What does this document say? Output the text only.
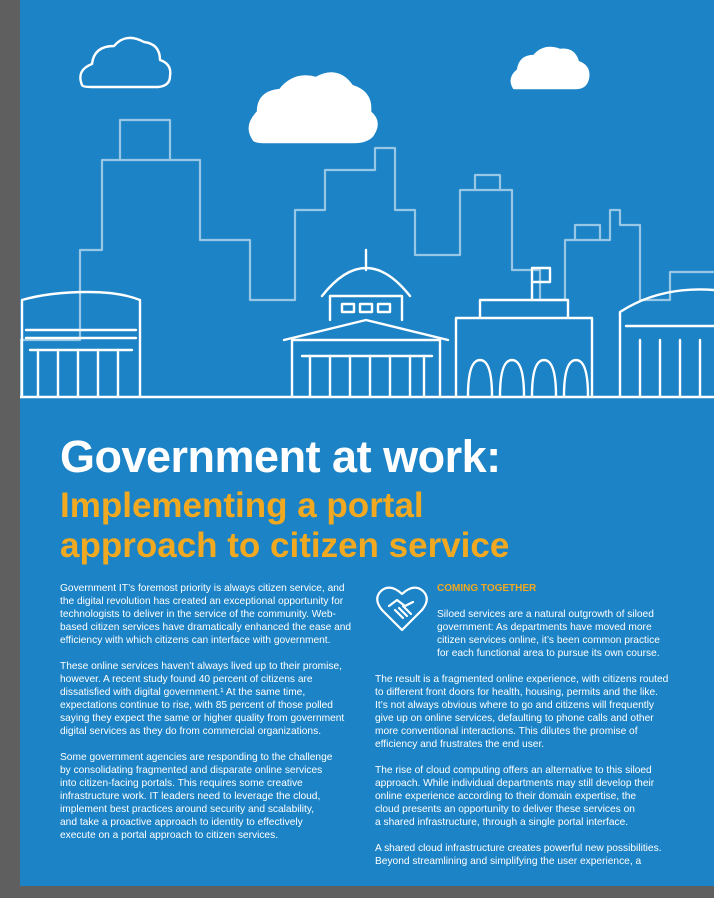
Government at work:
Implementing a portal
approach to citizen service

Government IT’s foremost priority is always citizen service, and
the digital revolution has created an exceptional opportunity for
technologists to deliver in the service of the community. Web-
based citizen services have dramatically enhanced the ease and
efficiency with which citizens can interface with government.

These online services haven’t always lived up to their promise,
however. A recent study found 40 percent of citizens are
dissatisfied with digital government.¹ At the same time,
expectations continue to rise, with 85 percent of those polled
saying they expect the same or higher quality from government
digital services as they do from commercial organizations.

Some government agencies are responding to the challenge
by consolidating fragmented and disparate online services
into citizen-facing portals. This requires some creative
infrastructure work. IT leaders need to leverage the cloud,
implement best practices around security and scalability,
and take a proactive approach to identity to effectively
execute on a portal approach to citizen services.

COMING TOGETHER

Siloed services are a natural outgrowth of siloed
government: As departments have moved more
citizen services online, it’s been common practice
for each functional area to pursue its own course.

The result is a fragmented online experience, with citizens routed
to different front doors for health, housing, permits and the like.
It’s not always obvious where to go and citizens will frequently
give up on online services, defaulting to phone calls and other
more conventional interactions. This dilutes the promise of
efficiency and frustrates the end user.

The rise of cloud computing offers an alternative to this siloed
approach. While individual departments may still develop their
online experience according to their domain expertise, the
cloud presents an opportunity to deliver these services on
a shared infrastructure, through a single portal interface.

A shared cloud infrastructure creates powerful new possibilities.
Beyond streamlining and simplifying the user experience, a
